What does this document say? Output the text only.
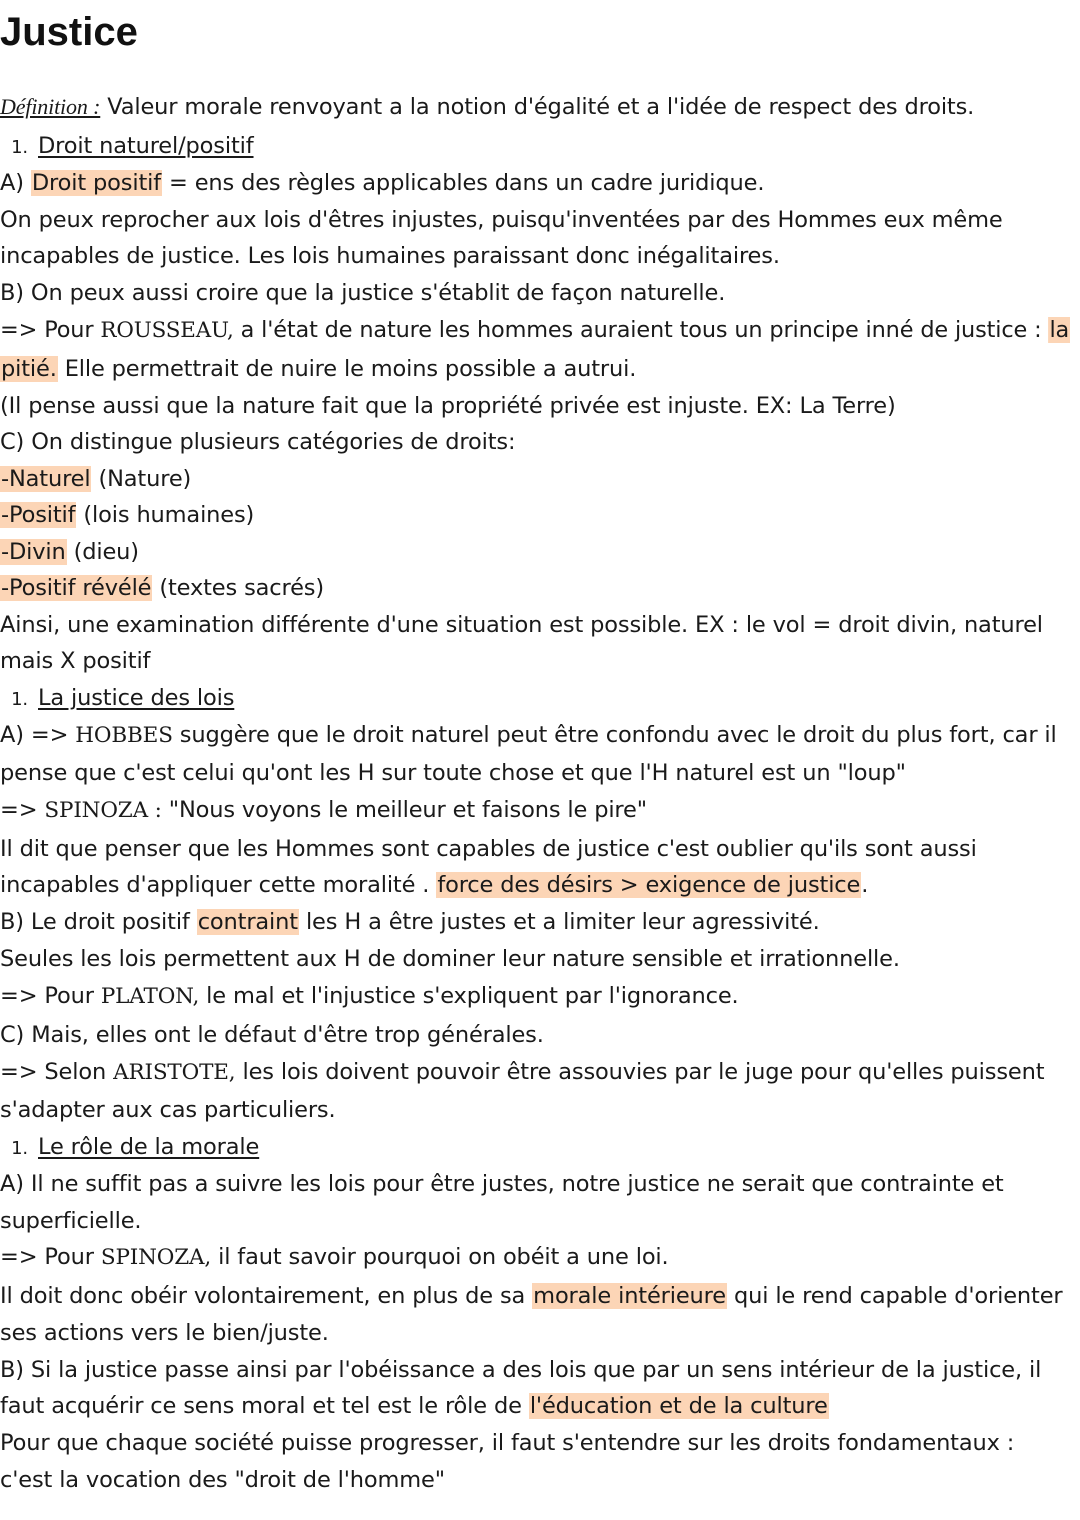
Justice
Définition : Valeur morale renvoyant a la notion d'égalité et a l'idée de respect des droits.
1. Droit naturel/positif
A) Droit positif = ens des règles applicables dans un cadre juridique.
On peux reprocher aux lois d'êtres injustes, puisqu'inventées par des Hommes eux même
incapables de justice. Les lois humaines paraissant donc inégalitaires.
B) On peux aussi croire que la justice s'établit de façon naturelle.
=> Pour ROUSSEAU, a l'état de nature les hommes auraient tous un principe inné de justice : la
pitié. Elle permettrait de nuire le moins possible a autrui.
(Il pense aussi que la nature fait que la propriété privée est injuste. EX: La Terre)
C) On distingue plusieurs catégories de droits:
-Naturel (Nature)
-Positif (lois humaines)
-Divin (dieu)
-Positif révélé (textes sacrés)
Ainsi, une examination différente d'une situation est possible. EX : le vol = droit divin, naturel
mais X positif
1. La justice des lois
A) => HOBBES suggère que le droit naturel peut être confondu avec le droit du plus fort, car il
pense que c'est celui qu'ont les H sur toute chose et que l'H naturel est un "loup"
=> SPINOZA : "Nous voyons le meilleur et faisons le pire"
Il dit que penser que les Hommes sont capables de justice c'est oublier qu'ils sont aussi
incapables d'appliquer cette moralité . force des désirs > exigence de justice.
B) Le droit positif contraint les H a être justes et a limiter leur agressivité.
Seules les lois permettent aux H de dominer leur nature sensible et irrationnelle.
=> Pour PLATON, le mal et l'injustice s'expliquent par l'ignorance.
C) Mais, elles ont le défaut d'être trop générales.
=> Selon ARISTOTE, les lois doivent pouvoir être assouvies par le juge pour qu'elles puissent
s'adapter aux cas particuliers.
1. Le rôle de la morale
A) Il ne suffit pas a suivre les lois pour être justes, notre justice ne serait que contrainte et
superficielle.
=> Pour SPINOZA, il faut savoir pourquoi on obéit a une loi.
Il doit donc obéir volontairement, en plus de sa morale intérieure qui le rend capable d'orienter
ses actions vers le bien/juste.
B) Si la justice passe ainsi par l'obéissance a des lois que par un sens intérieur de la justice, il
faut acquérir ce sens moral et tel est le rôle de l'éducation et de la culture
Pour que chaque société puisse progresser, il faut s'entendre sur les droits fondamentaux :
c'est la vocation des "droit de l'homme"
